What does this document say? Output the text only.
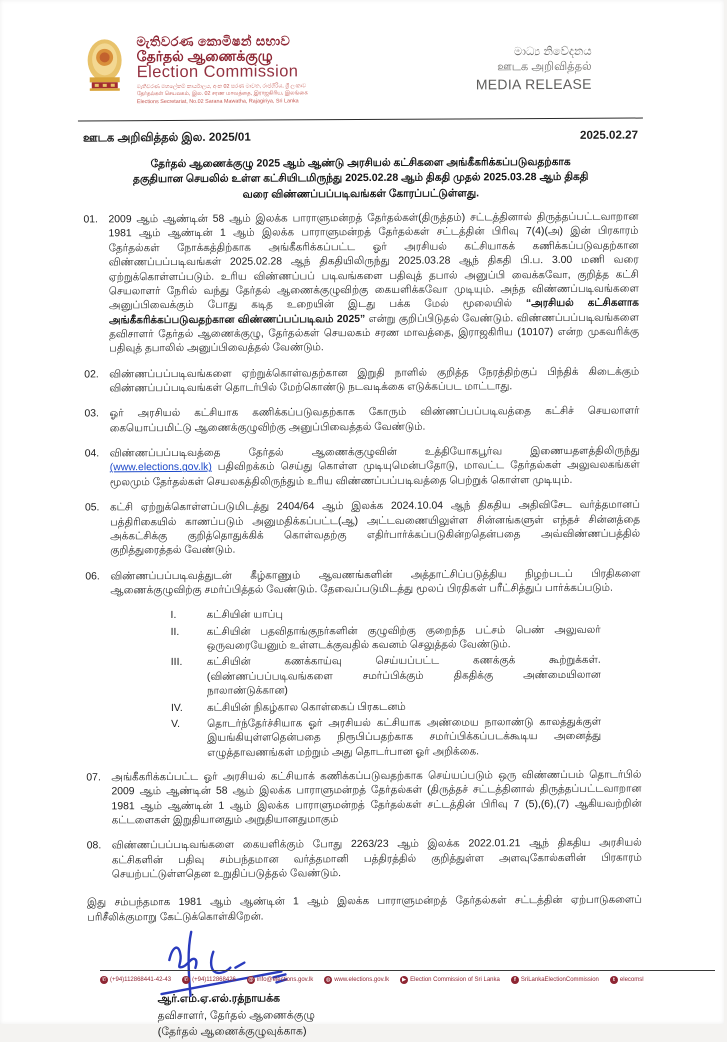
මැතිවරණ කොමිෂන් සභාව
தேர்தல் ஆணைக்குழு
Election Commission
මැතිවරණ මහලේකම් කාර්යාලය, අංක 02 සරණ මාවත, රාජගිරිය, ශ්‍රී ලංකාව
தேர்தல்கள் செயலகம், இல. 02 சரண மாவத்தை, இராஜகிரிய, இலங்கை
Elections Secretariat, No.02 Sarana Mawatha, Rajagiriya, Sri Lanka
මාධ්‍ය නිවේදනය
ஊடக அறிவித்தல்
MEDIA RELEASE
ஊடக அறிவித்தல் இல. 2025/01	2025.02.27
தேர்தல் ஆணைக்குழு 2025 ஆம் ஆண்டு அரசியல் கட்சிகளை அங்கீகரிக்கப்படுவதற்காக தகுதியான செயலில் உள்ள கட்சியிடமிருந்து 2025.02.28 ஆம் திகதி முதல் 2025.03.28 ஆம் திகதி வரை விண்ணப்பப்படிவங்கள் கோரப்பட்டுள்ளது.
01.	2009 ஆம் ஆண்டின் 58 ஆம் இலக்க பாராளுமன்றத் தேர்தல்கள்(திருத்தம்) சட்டத்தினால் திருத்தப்பட்டவாறான 1981 ஆம் ஆண்டின் 1 ஆம் இலக்க பாராளுமன்றத் தேர்தல்கள் சட்டத்தின் பிரிவு 7(4)(அ) இன் பிரகாரம் தேர்தல்கள் நோக்கத்திற்காக அங்கீகரிக்கப்பட்ட ஓர் அரசியல் கட்சியாகக் கணிக்கப்படுவதற்கான விண்ணப்பப்படிவங்கள் 2025.02.28 ஆந் திகதியிலிருந்து 2025.03.28 ஆந் திகதி பி.ப. 3.00 மணி வரை ஏற்றுக்கொள்ளப்படும். உரிய விண்ணப்பப் படிவங்களை பதிவுத் தபால் அனுப்பி வைக்கவோ, குறித்த கட்சி செயலாளர் நேரில் வந்து தேர்தல் ஆணைக்குழுவிற்கு கையளிக்கவோ முடியும். அந்த விண்ணப்படிவங்களை அனுப்பிவைக்கும் போது கடித உறையின் இடது பக்க மேல் மூலையில் “அரசியல் கட்சிகளாக அங்கீகரிக்கப்படுவதற்கான விண்ணப்பப்படிவம் 2025” என்று குறிப்பிடுதல் வேண்டும். விண்ணப்பப்படிவங்களை தவிசாளர் தேர்தல் ஆணைக்குழு, தேர்தல்கள் செயலகம் சரண மாவத்தை, இராஜகிரிய (10107) என்ற முகவரிக்கு பதிவுத் தபாலில் அனுப்பிவைத்தல் வேண்டும்.
02.	விண்ணப்பப்படிவங்களை ஏற்றுக்கொள்வதற்கான இறுதி நாளில் குறித்த நேரத்திற்குப் பிந்திக் கிடைக்கும் விண்ணப்பப்படிவங்கள் தொடர்பில் மேற்கொண்டு நடவடிக்கை எடுக்கப்பட மாட்டாது.
03.	ஓர் அரசியல் கட்சியாக கணிக்கப்படுவதற்காக கோரும் விண்ணப்பப்படிவத்தை கட்சிச் செயலாளர் கையொப்பமிட்டு ஆணைக்குழுவிற்கு அனுப்பிவைத்தல் வேண்டும்.
04.	விண்ணப்பப்படிவத்தை தேர்தல் ஆணைக்குழுவின் உத்தியோகபூர்வ இணையதளத்திலிருந்து (www.elections.gov.lk) பதிவிறக்கம் செய்து கொள்ள முடியுமென்பதோடு, மாவட்ட தேர்தல்கள் அலுவலகங்கள் மூலமும் தேர்தல்கள் செயலகத்திலிருந்தும் உரிய விண்ணப்பப்படிவத்தை பெற்றுக் கொள்ள முடியும்.
05.	கட்சி ஏற்றுக்கொள்ளப்படுமிடத்து 2404/64 ஆம் இலக்க 2024.10.04 ஆந் திகதிய அதிவிசேட வர்த்தமானப் பத்திரிகையில் காணப்படும் அனுமதிக்கப்பட்ட(ஆ) அட்டவணையிலுள்ள சின்னங்களுள் எந்தச் சின்னத்தை அக்கட்சிக்கு குறித்தொதுக்கிக் கொள்வதற்கு எதிர்பார்க்கப்படுகின்றதென்பதை அவ்விண்ணப்பத்தில் குறித்துரைத்தல் வேண்டும்.
06.	விண்ணப்பப்படிவத்துடன் கீழ்காணும் ஆவணங்களின் அத்தாட்சிப்படுத்திய நிழற்படப் பிரதிகளை ஆணைக்குழுவிற்கு சமர்ப்பித்தல் வேண்டும். தேவைப்படுமிடத்து மூலப் பிரதிகள் பரீட்சித்துப் பார்க்கப்படும்.
I.	கட்சியின் யாப்பு
II.	கட்சியின் பதவிதாங்குநர்களின் குழுவிற்கு குறைந்த பட்சம் பெண் அலுவலர் ஒருவரையேனும் உள்ளடக்குவதில் கவனம் செலுத்தல் வேண்டும்.
III.	கட்சியின் கணக்காய்வு செய்யப்பட்ட கணக்குக் கூற்றுக்கள்.(விண்ணப்பப்படிவங்களை சமர்ப்பிக்கும் திகதிக்கு அண்மையிலான நாலாண்டுக்கான)
IV.	கட்சியின் நிகழ்கால கொள்கைப் பிரகடனம்
V.	தொடர்ந்தேர்ச்சியாக ஓர் அரசியல் கட்சியாக அண்மைய நாலாண்டு காலத்துக்குள் இயங்கியுள்ளதென்பதை நிரூபிப்பதற்காக சமர்ப்பிக்கப்படக்கூடிய அனைத்து எழுத்தாவணங்கள் மற்றும் அது தொடர்பான ஓர் அறிக்கை.
07.	அங்கீகரிக்கப்பட்ட ஓர் அரசியல் கட்சியாக் கணிக்கப்படுவதற்காக செய்யப்படும் ஒரு விண்ணப்பம் தொடர்பில் 2009 ஆம் ஆண்டின் 58 ஆம் இலக்க பாராளுமன்றத் தேர்தல்கள் (திருத்தச் சட்டத்தினால் திருத்தப்பட்டவாறான 1981 ஆம் ஆண்டின் 1 ஆம் இலக்க பாராளுமன்றத் தேர்தல்கள் சட்டத்தின் பிரிவு 7 (5),(6),(7) ஆகியவற்றின் கட்டளைகள் இறுதியானதும் அறுதியானதுமாகும்
08.	விண்ணப்பப்படிவங்களை கையளிக்கும் போது 2263/23 ஆம் இலக்க 2022.01.21 ஆந் திகதிய அரசியல் கட்சிகளின் பதிவு சம்பந்தமான வர்த்தமானி பத்திரத்தில் குறித்துள்ள அளவுகோல்களின் பிரகாரம் செயற்பட்டுள்ளதென உறுதிப்படுத்தல் வேண்டும்.
இது சம்பந்தமாக 1981 ஆம் ஆண்டின் 1 ஆம் இலக்க பாராளுமன்றத் தேர்தல்கள் சட்டத்தின் ஏற்பாடுகளைப் பரிசீலிக்குமாறு கேட்டுக்கொள்கிறேன்.
ஆர்.எம்.ஏ.எல்.ரத்நாயக்க
தவிசாளர், தேர்தல் ஆணைக்குழு
(தேர்தல் ஆணைக்குழுவுக்காக)
✆ (+94)112868441-42-43	✆ (+94)112868426 @ info@elections.gov.lk ◍ www.elections.gov.lk	▶ Election Commission of Sri Lanka	f SriLankaElectionCommission	t elecomsl
